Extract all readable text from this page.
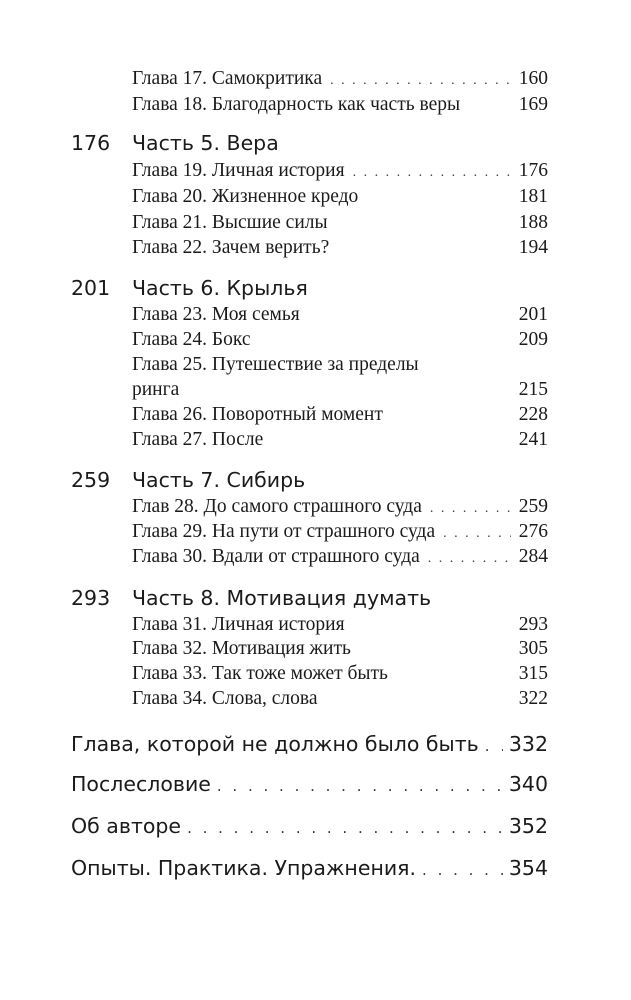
Глава 17. Самокритика . . .	160
Глава 18. Благодарность как часть веры	169
176 Часть 5. Вера
Глава 19. Личная история . . .	176
Глава 20. Жизненное кредо	181
Глава 21. Высшие силы	188
Глава 22. Зачем верить?	194
201 Часть 6. Крылья
Глава 23. Моя семья	201
Глава 24. Бокс	209
Глава 25. Путешествие за пределы
ринга	215
Глава 26. Поворотный момент	228
Глава 27. После	241
259 Часть 7. Сибирь
Глав 28. До самого страшного суда . . .	259
Глава 29. На пути от страшного суда . . .	276
Глава 30. Вдали от страшного суда . . .	284
293 Часть 8. Мотивация думать
Глава 31. Личная история	293
Глава 32. Мотивация жить	305
Глава 33. Так тоже может быть	315
Глава 34. Слова, слова	322
Глава, которой не должно было быть . . . 332
Послесловие . . .	340
Об авторе . . .	352
Опыты. Практика. Упражнения. . . .	354
